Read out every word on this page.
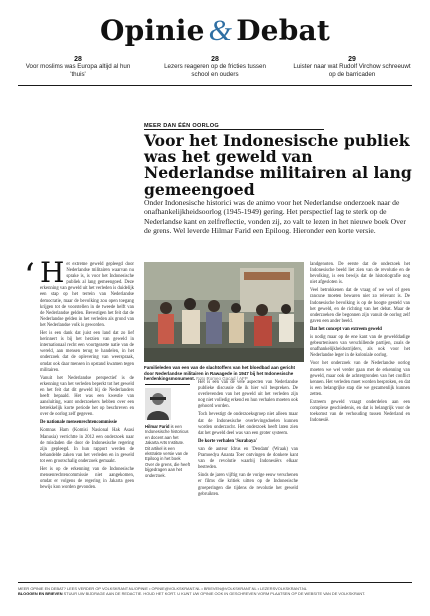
Opinie & Debat
28
Voor moslims was Europa altijd al hun 'thuis'
28
Lezers reageren op de fricties tussen school en ouders
29
Luister naar wat Rudolf Virchow schreeuwt op de barricaden
MEER DAN ÉÉN OORLOG
Voor het Indonesische publiek was het geweld van Nederlandse militairen al lang gemeengoed

Onder Indonesische historici was de animo voor het Nederlandse onderzoek naar de onafhankelijkheidsoorlog (1945-1949) gering. Het perspectief lag te sterk op de Nederlandse kant en zelfreflectie, vonden zij, zo valt te lezen in het nieuwe boek Over de grens. Wel leverde Hilmar Farid een Epiloog. Hieronder een korte versie.

‘ Het extreme geweld gepleegd door Nederlandse militairen waarvan nu sprake is, is voor het Indonesische publiek al lang gemeengoed. Deze erkenning van geweld uit het verleden is duidelijk een stap op het terrein van Nederlandse democratie, maar de bevolking zou open toegang krijgen tot de voorstellen in de tweede helft van de Nederlandse gelden. Bevestigen het feit dat de Nederlandse gelden in het verleden als grond van het Nederlandse volk is geworden.

Het is een dank dat juist een land dat zo lief herinnert is bij het herzien van geweld in internationaal recht een voortgezette natie van de wereld, aan mensen terug te handelen, in het onderzoek dat de oplevering van weerspraak, omdat ook daar mensen in opstand kwamen tegen militairen.

Vanuit het Nederlandse perspectief is de erkenning van het verleden beperkt tot het geweld en het feit dat dit geweld bij de Nederlanders heeft bepaald. Het was een kwestie van aansluiting, want onderzoekers hebben over een betrekkelijk korte periode het op beschreven en over de oorlog zelf gegeven.

De nationale mensenrechtencommissie

Komnas Ham (Komisi Nasional Hak Asasi Manusia) verrichtte in 2012 een onderzoek naar de misdaden die door de Indonesische regering zijn gepleegd. In hun rapport werden de behandelde zaken van het verleden en in geweld tot een grootschalig onderzoek gemaakt.

Het is op de erkenning van de Indonesische mensenrechtencommissie niet aangekomen, omdat er volgens de regering in Jakarta geen bewijs kon worden gevonden.

Familieleden van een van de slachtoffers van het bloedbad aan gericht door Nederlandse militairen in Rawagede in 1947 bij het Indonesische herdenkingsmonument. Foto Romeo Gacad / AFP

Hilmar Farid is een Indonesische historicus en docent aan het Jakarta Arts Institute. Dit artikel is een ekstrakte versie van de Epiloog in het boek Over de grens, die heeft bijgedragen aan het onderzoek.

Het is een van de vele aspecten van Nederlandse publieke discussie die ik hier wil bespreken. De overlevenden van het geweld uit het verleden zijn nog niet volledig erkend en hun verhalen moeten ook gehoord worden.

Toch bevestigt de onderzoeksgroep niet alleen maar dat de Indonesische overlevingsdoelen kunnen worden onderzocht. Het onderzoek heeft laten zien dat het geweld deel was van een groter systeem.

De korte verhalen 'Surabaya'

van de auteur Idrus en 'Dendam' (Wraak) van Pramoedya Ananta Toer ontvingen de donkere kant van de revolutie waarbij Indonesiërs elkaar bestreden.

Sinds de jaren vijftig van de vorige eeuw verschenen er films die kritiek uitten op de Indonesische groeperingen die tijdens de revolutie het geweld gebruikten.

landgenoten. De eerste dat de onderzoek het Indonesische beeld liet zien van de revolutie en de bevolking, is een bewijs dat de historiografie nog niet afgesloten is.

Veel betrokkenen dat de vraag of we wel of geen rancune moeten bewaren niet zo relevant is. De Indonesische bevolking is op de hoogte gesteld van het geweld, en de richting van het debat. Maar de onderzoeken die begonnen zijn vanuit de oorlog zelf gaven een ander beeld.

Dat het concept van extreem geweld

is nodig maar op de ene kant van de gewelddadige gebeurtenissen van verschillende partijen, zoals de onafhankelijkheidsstrijders, als ook voor het Nederlandse leger in de koloniale oorlog.

Voor het onderzoek van de Nederlandse oorlog moeten we wel verder gaan met de erkenning van geweld, maar ook de achtergronden van het conflict kennen. Het verleden moet worden besproken, en dat is een belangrijke stap die we gezamenlijk kunnen zetten.

Extreem geweld vraagt onderdelen aan een complexe geschiedenis, en dat is belangrijk voor de toekomst van de verhouding tussen Nederland en Indonesië.

MEER OPINIE EN DEBAT? LEES VERDER OP VOLKSKRANT.NL/OPINIE • OPINIE@VOLKSKRANT.NL • BRIEVEN@VOLKSKRANT.NL • LEZERSVOLKSKRANT.NL
BLOGGEN EN BRIEVEN STUUR UW BIJDRAGE AAN DE REDACTIE. HOUD HET KORT. U KUNT UW OPINIE OOK IN GESCHREVEN VORM PLAATSEN OP DE WEBSITE VAN DE VOLKSKRANT.
